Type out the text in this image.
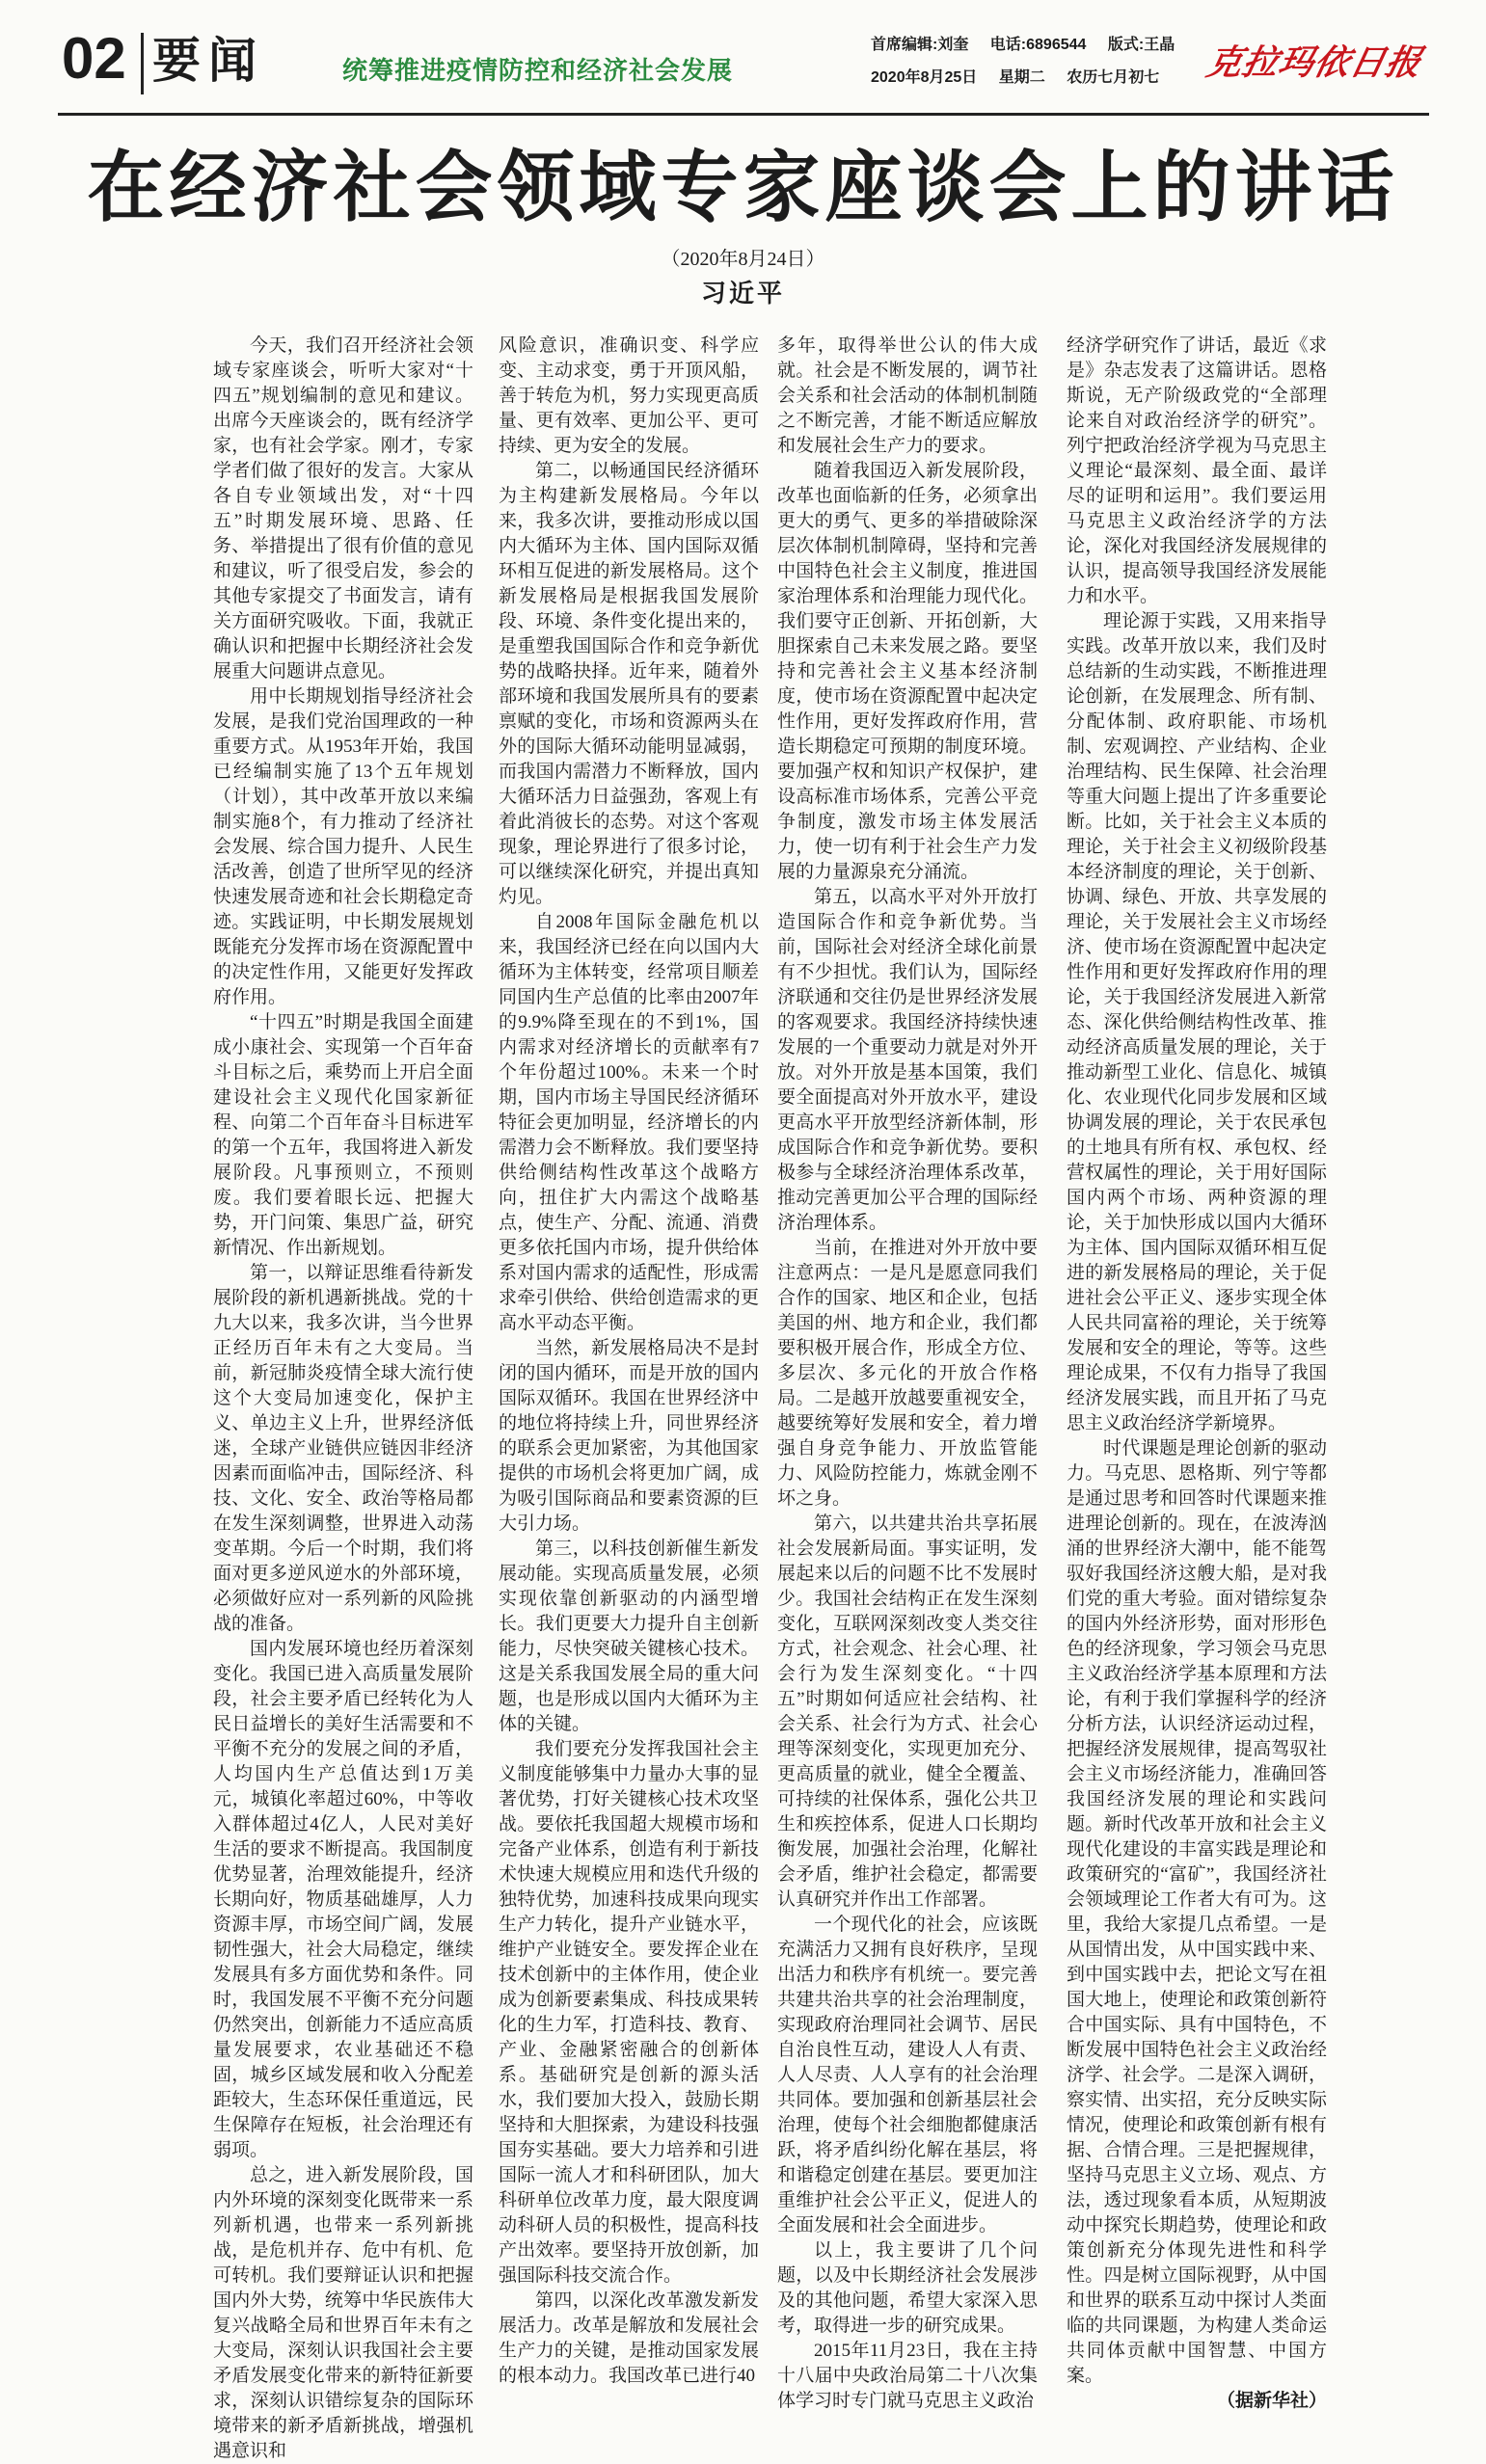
02 要闻	统筹推进疫情防控和经济社会发展
首席编辑:刘奎 电话:6896544 版式:王晶
2020年8月25日 星期二 农历七月初七	克拉玛依日报
在经济社会领域专家座谈会上的讲话
（2020年8月24日）
习近平

今天，我们召开经济社会领域专家座谈会，听听大家对“十四五”规划编制的意见和建议。出席今天座谈会的，既有经济学家，也有社会学家。刚才，专家学者们做了很好的发言。大家从各自专业领域出发，对“十四五”时期发展环境、思路、任务、举措提出了很有价值的意见和建议，听了很受启发，参会的其他专家提交了书面发言，请有关方面研究吸收。下面，我就正确认识和把握中长期经济社会发展重大问题讲点意见。

用中长期规划指导经济社会发展，是我们党治国理政的一种重要方式。从1953年开始，我国已经编制实施了13个五年规划（计划），其中改革开放以来编制实施8个，有力推动了经济社会发展、综合国力提升、人民生活改善，创造了世所罕见的经济快速发展奇迹和社会长期稳定奇迹。实践证明，中长期发展规划既能充分发挥市场在资源配置中的决定性作用，又能更好发挥政府作用。

“十四五”时期是我国全面建成小康社会、实现第一个百年奋斗目标之后，乘势而上开启全面建设社会主义现代化国家新征程、向第二个百年奋斗目标进军的第一个五年，我国将进入新发展阶段。凡事预则立，不预则废。我们要着眼长远、把握大势，开门问策、集思广益，研究新情况、作出新规划。

第一，以辩证思维看待新发展阶段的新机遇新挑战。党的十九大以来，我多次讲，当今世界正经历百年未有之大变局。当前，新冠肺炎疫情全球大流行使这个大变局加速变化，保护主义、单边主义上升，世界经济低迷，全球产业链供应链因非经济因素而面临冲击，国际经济、科技、文化、安全、政治等格局都在发生深刻调整，世界进入动荡变革期。今后一个时期，我们将面对更多逆风逆水的外部环境，必须做好应对一系列新的风险挑战的准备。

国内发展环境也经历着深刻变化。我国已进入高质量发展阶段，社会主要矛盾已经转化为人民日益增长的美好生活需要和不平衡不充分的发展之间的矛盾，人均国内生产总值达到1万美元，城镇化率超过60%，中等收入群体超过4亿人，人民对美好生活的要求不断提高。我国制度优势显著，治理效能提升，经济长期向好，物质基础雄厚，人力资源丰厚，市场空间广阔，发展韧性强大，社会大局稳定，继续发展具有多方面优势和条件。同时，我国发展不平衡不充分问题仍然突出，创新能力不适应高质量发展要求，农业基础还不稳固，城乡区域发展和收入分配差距较大，生态环保任重道远，民生保障存在短板，社会治理还有弱项。

总之，进入新发展阶段，国内外环境的深刻变化既带来一系列新机遇，也带来一系列新挑战，是危机并存、危中有机、危可转机。我们要辩证认识和把握国内外大势，统筹中华民族伟大复兴战略全局和世界百年未有之大变局，深刻认识我国社会主要矛盾发展变化带来的新特征新要求，深刻认识错综复杂的国际环境带来的新矛盾新挑战，增强机遇意识和

风险意识，准确识变、科学应变、主动求变，勇于开顶风船，善于转危为机，努力实现更高质量、更有效率、更加公平、更可持续、更为安全的发展。

第二，以畅通国民经济循环为主构建新发展格局。今年以来，我多次讲，要推动形成以国内大循环为主体、国内国际双循环相互促进的新发展格局。这个新发展格局是根据我国发展阶段、环境、条件变化提出来的，是重塑我国国际合作和竞争新优势的战略抉择。近年来，随着外部环境和我国发展所具有的要素禀赋的变化，市场和资源两头在外的国际大循环动能明显减弱，而我国内需潜力不断释放，国内大循环活力日益强劲，客观上有着此消彼长的态势。对这个客观现象，理论界进行了很多讨论，可以继续深化研究，并提出真知灼见。

自2008年国际金融危机以来，我国经济已经在向以国内大循环为主体转变，经常项目顺差同国内生产总值的比率由2007年的9.9%降至现在的不到1%，国内需求对经济增长的贡献率有7个年份超过100%。未来一个时期，国内市场主导国民经济循环特征会更加明显，经济增长的内需潜力会不断释放。我们要坚持供给侧结构性改革这个战略方向，扭住扩大内需这个战略基点，使生产、分配、流通、消费更多依托国内市场，提升供给体系对国内需求的适配性，形成需求牵引供给、供给创造需求的更高水平动态平衡。

当然，新发展格局决不是封闭的国内循环，而是开放的国内国际双循环。我国在世界经济中的地位将持续上升，同世界经济的联系会更加紧密，为其他国家提供的市场机会将更加广阔，成为吸引国际商品和要素资源的巨大引力场。

第三，以科技创新催生新发展动能。实现高质量发展，必须实现依靠创新驱动的内涵型增长。我们更要大力提升自主创新能力，尽快突破关键核心技术。这是关系我国发展全局的重大问题，也是形成以国内大循环为主体的关键。

我们要充分发挥我国社会主义制度能够集中力量办大事的显著优势，打好关键核心技术攻坚战。要依托我国超大规模市场和完备产业体系，创造有利于新技术快速大规模应用和迭代升级的独特优势，加速科技成果向现实生产力转化，提升产业链水平，维护产业链安全。要发挥企业在技术创新中的主体作用，使企业成为创新要素集成、科技成果转化的生力军，打造科技、教育、产业、金融紧密融合的创新体系。基础研究是创新的源头活水，我们要加大投入，鼓励长期坚持和大胆探索，为建设科技强国夯实基础。要大力培养和引进国际一流人才和科研团队，加大科研单位改革力度，最大限度调动科研人员的积极性，提高科技产出效率。要坚持开放创新，加强国际科技交流合作。

第四，以深化改革激发新发展活力。改革是解放和发展社会生产力的关键，是推动国家发展的根本动力。我国改革已进行40

多年，取得举世公认的伟大成就。社会是不断发展的，调节社会关系和社会活动的体制机制随之不断完善，才能不断适应解放和发展社会生产力的要求。

随着我国迈入新发展阶段，改革也面临新的任务，必须拿出更大的勇气、更多的举措破除深层次体制机制障碍，坚持和完善中国特色社会主义制度，推进国家治理体系和治理能力现代化。我们要守正创新、开拓创新，大胆探索自己未来发展之路。要坚持和完善社会主义基本经济制度，使市场在资源配置中起决定性作用，更好发挥政府作用，营造长期稳定可预期的制度环境。要加强产权和知识产权保护，建设高标准市场体系，完善公平竞争制度，激发市场主体发展活力，使一切有利于社会生产力发展的力量源泉充分涌流。

第五，以高水平对外开放打造国际合作和竞争新优势。当前，国际社会对经济全球化前景有不少担忧。我们认为，国际经济联通和交往仍是世界经济发展的客观要求。我国经济持续快速发展的一个重要动力就是对外开放。对外开放是基本国策，我们要全面提高对外开放水平，建设更高水平开放型经济新体制，形成国际合作和竞争新优势。要积极参与全球经济治理体系改革，推动完善更加公平合理的国际经济治理体系。

当前，在推进对外开放中要注意两点：一是凡是愿意同我们合作的国家、地区和企业，包括美国的州、地方和企业，我们都要积极开展合作，形成全方位、多层次、多元化的开放合作格局。二是越开放越要重视安全，越要统筹好发展和安全，着力增强自身竞争能力、开放监管能力、风险防控能力，炼就金刚不坏之身。

第六，以共建共治共享拓展社会发展新局面。事实证明，发展起来以后的问题不比不发展时少。我国社会结构正在发生深刻变化，互联网深刻改变人类交往方式，社会观念、社会心理、社会行为发生深刻变化。“十四五”时期如何适应社会结构、社会关系、社会行为方式、社会心理等深刻变化，实现更加充分、更高质量的就业，健全全覆盖、可持续的社保体系，强化公共卫生和疾控体系，促进人口长期均衡发展，加强社会治理，化解社会矛盾，维护社会稳定，都需要认真研究并作出工作部署。

一个现代化的社会，应该既充满活力又拥有良好秩序，呈现出活力和秩序有机统一。要完善共建共治共享的社会治理制度，实现政府治理同社会调节、居民自治良性互动，建设人人有责、人人尽责、人人享有的社会治理共同体。要加强和创新基层社会治理，使每个社会细胞都健康活跃，将矛盾纠纷化解在基层，将和谐稳定创建在基层。要更加注重维护社会公平正义，促进人的全面发展和社会全面进步。

以上，我主要讲了几个问题，以及中长期经济社会发展涉及的其他问题，希望大家深入思考，取得进一步的研究成果。

2015年11月23日，我在主持十八届中央政治局第二十八次集体学习时专门就马克思主义政治

经济学研究作了讲话，最近《求是》杂志发表了这篇讲话。恩格斯说，无产阶级政党的“全部理论来自对政治经济学的研究”。列宁把政治经济学视为马克思主义理论“最深刻、最全面、最详尽的证明和运用”。我们要运用马克思主义政治经济学的方法论，深化对我国经济发展规律的认识，提高领导我国经济发展能力和水平。

理论源于实践，又用来指导实践。改革开放以来，我们及时总结新的生动实践，不断推进理论创新，在发展理念、所有制、分配体制、政府职能、市场机制、宏观调控、产业结构、企业治理结构、民生保障、社会治理等重大问题上提出了许多重要论断。比如，关于社会主义本质的理论，关于社会主义初级阶段基本经济制度的理论，关于创新、协调、绿色、开放、共享发展的理论，关于发展社会主义市场经济、使市场在资源配置中起决定性作用和更好发挥政府作用的理论，关于我国经济发展进入新常态、深化供给侧结构性改革、推动经济高质量发展的理论，关于推动新型工业化、信息化、城镇化、农业现代化同步发展和区域协调发展的理论，关于农民承包的土地具有所有权、承包权、经营权属性的理论，关于用好国际国内两个市场、两种资源的理论，关于加快形成以国内大循环为主体、国内国际双循环相互促进的新发展格局的理论，关于促进社会公平正义、逐步实现全体人民共同富裕的理论，关于统筹发展和安全的理论，等等。这些理论成果，不仅有力指导了我国经济发展实践，而且开拓了马克思主义政治经济学新境界。

时代课题是理论创新的驱动力。马克思、恩格斯、列宁等都是通过思考和回答时代课题来推进理论创新的。现在，在波涛汹涌的世界经济大潮中，能不能驾驭好我国经济这艘大船，是对我们党的重大考验。面对错综复杂的国内外经济形势，面对形形色色的经济现象，学习领会马克思主义政治经济学基本原理和方法论，有利于我们掌握科学的经济分析方法，认识经济运动过程，把握经济发展规律，提高驾驭社会主义市场经济能力，准确回答我国经济发展的理论和实践问题。新时代改革开放和社会主义现代化建设的丰富实践是理论和政策研究的“富矿”，我国经济社会领域理论工作者大有可为。这里，我给大家提几点希望。一是从国情出发，从中国实践中来、到中国实践中去，把论文写在祖国大地上，使理论和政策创新符合中国实际、具有中国特色，不断发展中国特色社会主义政治经济学、社会学。二是深入调研，察实情、出实招，充分反映实际情况，使理论和政策创新有根有据、合情合理。三是把握规律，坚持马克思主义立场、观点、方法，透过现象看本质，从短期波动中探究长期趋势，使理论和政策创新充分体现先进性和科学性。四是树立国际视野，从中国和世界的联系互动中探讨人类面临的共同课题，为构建人类命运共同体贡献中国智慧、中国方案。

（据新华社）
